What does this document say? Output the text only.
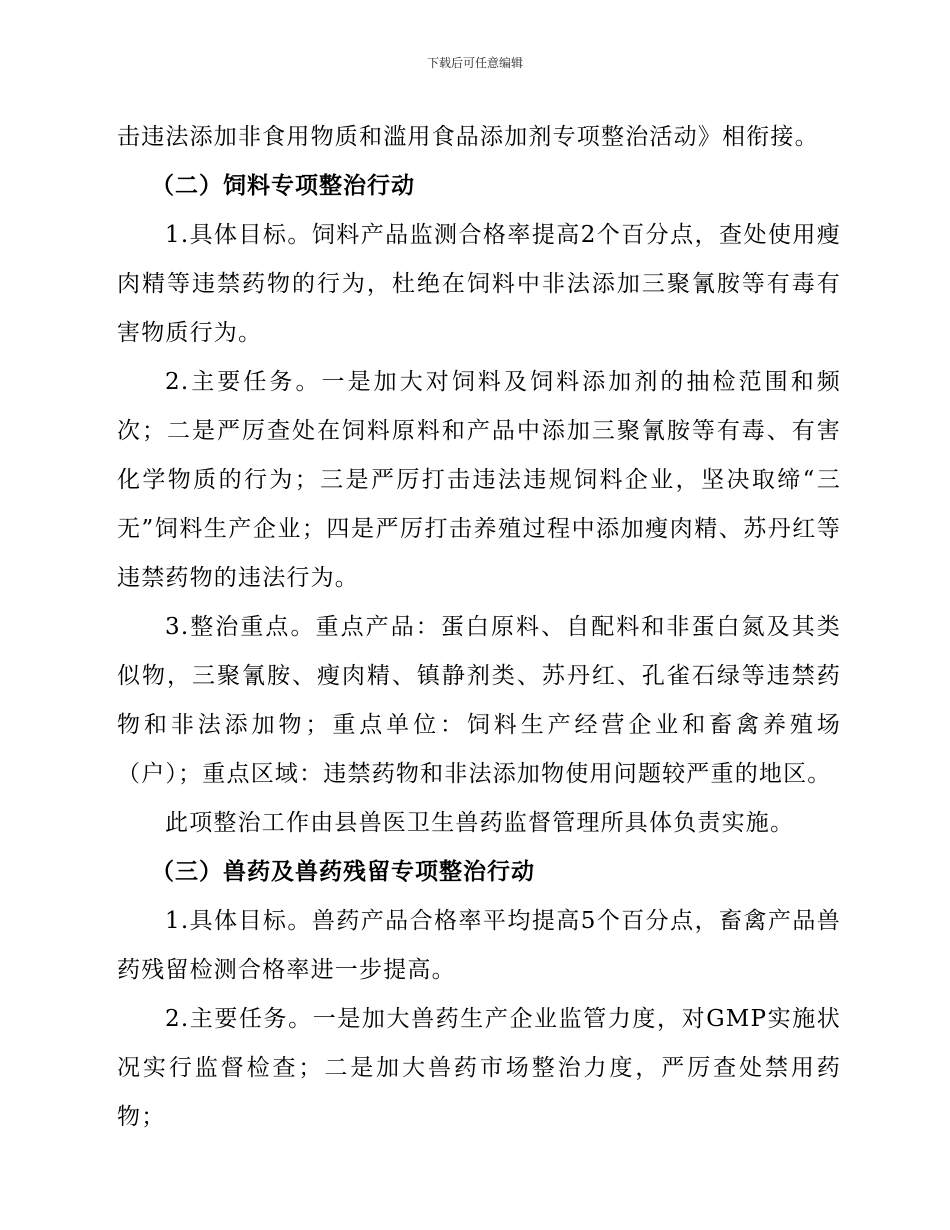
下载后可任意编辑

击违法添加非食用物质和滥用食品添加剂专项整治活动》相衔接。

（二）饲料专项整治行动

1.具体目标。饲料产品监测合格率提高2个百分点，查处使用瘦肉精等违禁药物的行为，杜绝在饲料中非法添加三聚氰胺等有毒有害物质行为。

2.主要任务。一是加大对饲料及饲料添加剂的抽检范围和频次；二是严厉查处在饲料原料和产品中添加三聚氰胺等有毒、有害化学物质的行为；三是严厉打击违法违规饲料企业，坚决取缔“三无”饲料生产企业；四是严厉打击养殖过程中添加瘦肉精、苏丹红等违禁药物的违法行为。

3.整治重点。重点产品：蛋白原料、自配料和非蛋白氮及其类似物，三聚氰胺、瘦肉精、镇静剂类、苏丹红、孔雀石绿等违禁药物和非法添加物；重点单位：饲料生产经营企业和畜禽养殖场（户）；重点区域：违禁药物和非法添加物使用问题较严重的地区。

此项整治工作由县兽医卫生兽药监督管理所具体负责实施。

（三）兽药及兽药残留专项整治行动

1.具体目标。兽药产品合格率平均提高5个百分点，畜禽产品兽药残留检测合格率进一步提高。

2.主要任务。一是加大兽药生产企业监管力度，对GMP实施状况实行监督检查；二是加大兽药市场整治力度，严厉查处禁用药物；
